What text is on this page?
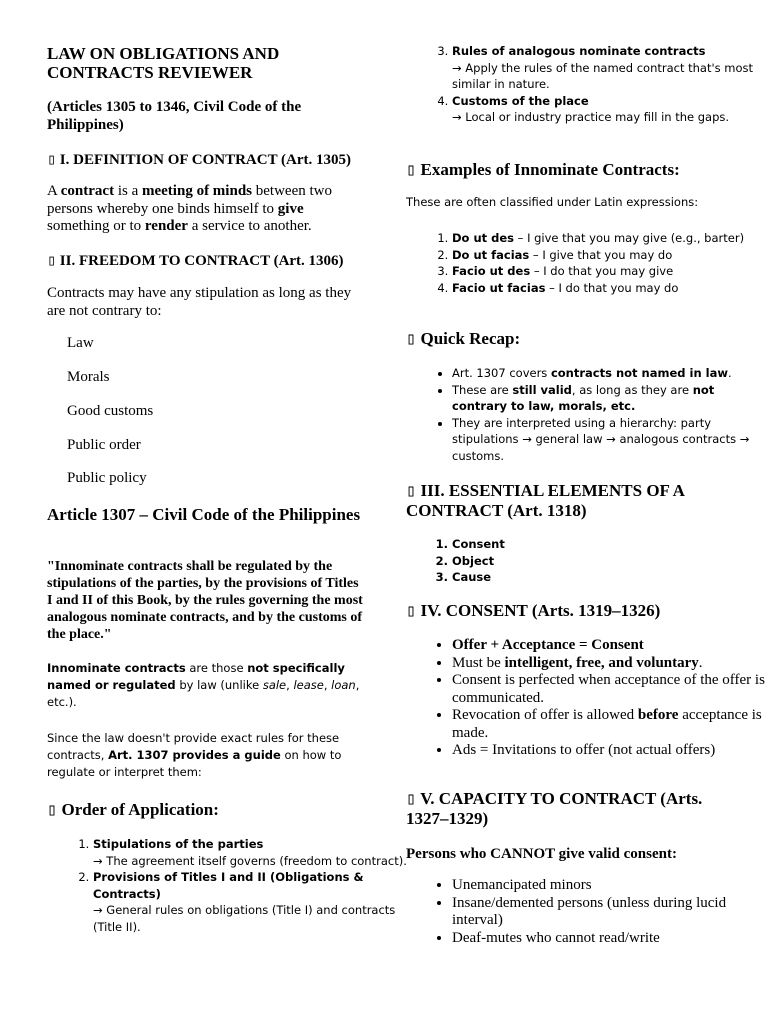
LAW ON OBLIGATIONS AND CONTRACTS REVIEWER
(Articles 1305 to 1346, Civil Code of the Philippines)
▯ I. DEFINITION OF CONTRACT (Art. 1305)

A contract is a meeting of minds between two persons whereby one binds himself to give something or to render a service to another.

▯ II. FREEDOM TO CONTRACT (Art. 1306)

Contracts may have any stipulation as long as they are not contrary to:

Law
Morals
Good customs
Public order
Public policy
Article 1307 – Civil Code of the Philippines

"Innominate contracts shall be regulated by the stipulations of the parties, by the provisions of Titles I and II of this Book, by the rules governing the most analogous nominate contracts, and by the customs of the place."

Innominate contracts are those not specifically named or regulated by law (unlike sale, lease, loan, etc.).

Since the law doesn't provide exact rules for these contracts, Art. 1307 provides a guide on how to regulate or interpret them:

▯ Order of Application:
1. Stipulations of the parties
→ The agreement itself governs (freedom to contract).
2. Provisions of Titles I and II (Obligations & Contracts)
→ General rules on obligations (Title I) and contracts (Title II).
3. Rules of analogous nominate contracts
→ Apply the rules of the named contract that's most similar in nature.
4. Customs of the place
→ Local or industry practice may fill in the gaps.
▯ Examples of Innominate Contracts:

These are often classified under Latin expressions:

1. Do ut des – I give that you may give (e.g., barter)
2. Do ut facias – I give that you may do
3. Facio ut des – I do that you may give
4. Facio ut facias – I do that you may do
▯ Quick Recap:
• Art. 1307 covers contracts not named in law.
• These are still valid, as long as they are not contrary to law, morals, etc.
• They are interpreted using a hierarchy: party stipulations → general law → analogous contracts → customs.
▯ III. ESSENTIAL ELEMENTS OF A CONTRACT (Art. 1318)
1. Consent
2. Object
3. Cause
▯ IV. CONSENT (Arts. 1319–1326)
• Offer + Acceptance = Consent
• Must be intelligent, free, and voluntary.
• Consent is perfected when acceptance of the offer is communicated.
• Revocation of offer is allowed before acceptance is made.
• Ads = Invitations to offer (not actual offers)
▯ V. CAPACITY TO CONTRACT (Arts. 1327–1329)
Persons who CANNOT give valid consent:
• Unemancipated minors
• Insane/demented persons (unless during lucid interval)
• Deaf-mutes who cannot read/write
